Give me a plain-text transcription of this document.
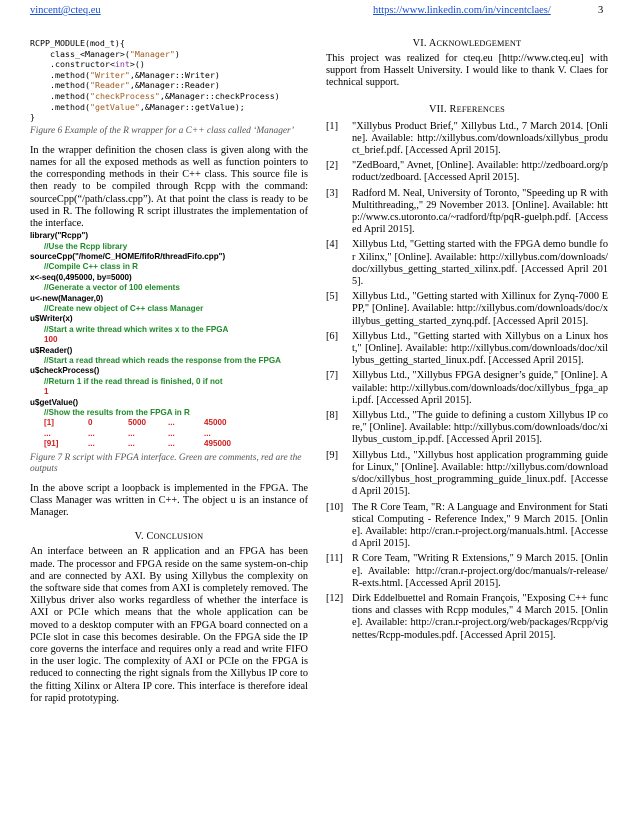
vincent@cteq.eu	https://www.linkedin.com/in/vincentclaes/	3
RCPP_MODULE(mod_t){
class_<Manager>("Manager")
.constructor<int>()
.method("Writer",&Manager::Writer)
.method("Reader",&Manager::Reader)
.method("checkProcess",&Manager::checkProcess)
.method("getValue",&Manager::getValue);
}
Figure 6 Example of the R wrapper for a C++ class called ‘Manager’

In the wrapper definition the chosen class is given along with the names for all the exposed methods as well as function pointers to the corresponding methods in their C++ class. This source file is then ready to be compiled through Rcpp with the command: sourceCpp(“/path/class.cpp”). At that point the class is ready to be used in R. The following R script illustrates the implementation of the interface.

library("Rcpp")
//Use the Rcpp library
sourceCpp("/home/C_HOME/fifoR/threadFifo.cpp")
//Compile C++ class in R
x<-seq(0,495000, by=5000)
//Generate a vector of 100 elements
u<-new(Manager,0)
//Create new object of C++ class Manager
u$Writer(x)
//Start a write thread which writes x to the FPGA
100
u$Reader()
//Start a read thread which reads the response from the FPGA
u$checkProcess()
//Return 1 if the read thread is finished, 0 if not
1
u$getValue()
//Show the results from the FPGA in R
[1]	0	5000	...	45000
...	...	...	...	...
[91]	...	...	...	495000
Figure 7 R script with FPGA interface. Green are comments, red are the outputs

In the above script a loopback is implemented in the FPGA. The Class Manager was written in C++. The object u is an instance of Manager.

V. CONCLUSION

An interface between an R application and an FPGA has been made. The processor and FPGA reside on the same system-on-chip and are connected by AXI. By using Xillybus the complexity on the software side that comes from AXI is completely removed. The Xillybus driver also works regardless of whether the interface is AXI or PCIe which means that the whole application can be moved to a desktop computer with an FPGA board connected on a PCIe slot in case this becomes desirable. On the FPGA side the IP core governs the interface and requires only a read and write FIFO in the user logic. The complexity of AXI or PCIe on the FPGA is reduced to connecting the right signals from the Xillybus IP core to the fitting Xilinx or Altera IP core. This interface is therefore ideal for rapid prototyping.

VI. ACKNOWLEDGEMENT

This project was realized for cteq.eu [http://www.cteq.eu] with support from Hasselt University. I would like to thank V. Claes for technical support.

VII. REFERENCES
[1]	"Xillybus Product Brief," Xillybus Ltd., 7 March 2014. [Online]. Available: http://xillybus.com/downloads/xillybus_product_brief.pdf. [Accessed April 2015].
[2]	"ZedBoard," Avnet, [Online]. Available: http://zedboard.org/product/zedboard. [Accessed April 2015].
[3]	Radford M. Neal, University of Toronto, "Speeding up R with Multithreading,," 29 November 2013. [Online]. Available: http://www.cs.utoronto.ca/~radford/ftp/pqR-guelph.pdf. [Accessed April 2015].
[4]	Xillybus Ltd, "Getting started with the FPGA demo bundle for Xilinx," [Online]. Available: http://xillybus.com/downloads/doc/xillybus_getting_started_xilinx.pdf. [Accessed April 2015].
[5]	Xillybus Ltd., "Getting started with Xillinux for Zynq-7000 EPP," [Online]. Available: http://xillybus.com/downloads/doc/xillybus_getting_started_zynq.pdf. [Accessed April 2015].
[6]	Xillybus Ltd., "Getting started with Xillybus on a Linux host," [Online]. Available: http://xillybus.com/downloads/doc/xillybus_getting_started_linux.pdf. [Accessed April 2015].
[7]	Xillybus Ltd., "Xillybus FPGA designer’s guide," [Online]. Available: http://xillybus.com/downloads/doc/xillybus_fpga_api.pdf. [Accessed April 2015].
[8]	Xillybus Ltd., "The guide to defining a custom Xillybus IP core," [Online]. Available: http://xillybus.com/downloads/doc/xillybus_custom_ip.pdf. [Accessed April 2015].
[9]	Xillybus Ltd., "Xillybus host application programming guide for Linux," [Online]. Available: http://xillybus.com/downloads/doc/xillybus_host_programming_guide_linux.pdf. [Accessed April 2015].
[10] The R Core Team, "R: A Language and Environment for Statistical Computing - Reference Index," 9 March 2015. [Online]. Available: http://cran.r-project.org/manuals.html. [Accessed April 2015].
[11] R Core Team, "Writing R Extensions," 9 March 2015. [Online]. Available: http://cran.r-project.org/doc/manuals/r-release/R-exts.html. [Accessed April 2015].
[12] Dirk Eddelbuettel and Romain François, "Exposing C++ functions and classes with Rcpp modules," 4 March 2015. [Online]. Available: http://cran.r-project.org/web/packages/Rcpp/vignettes/Rcpp-modules.pdf. [Accessed April 2015].
